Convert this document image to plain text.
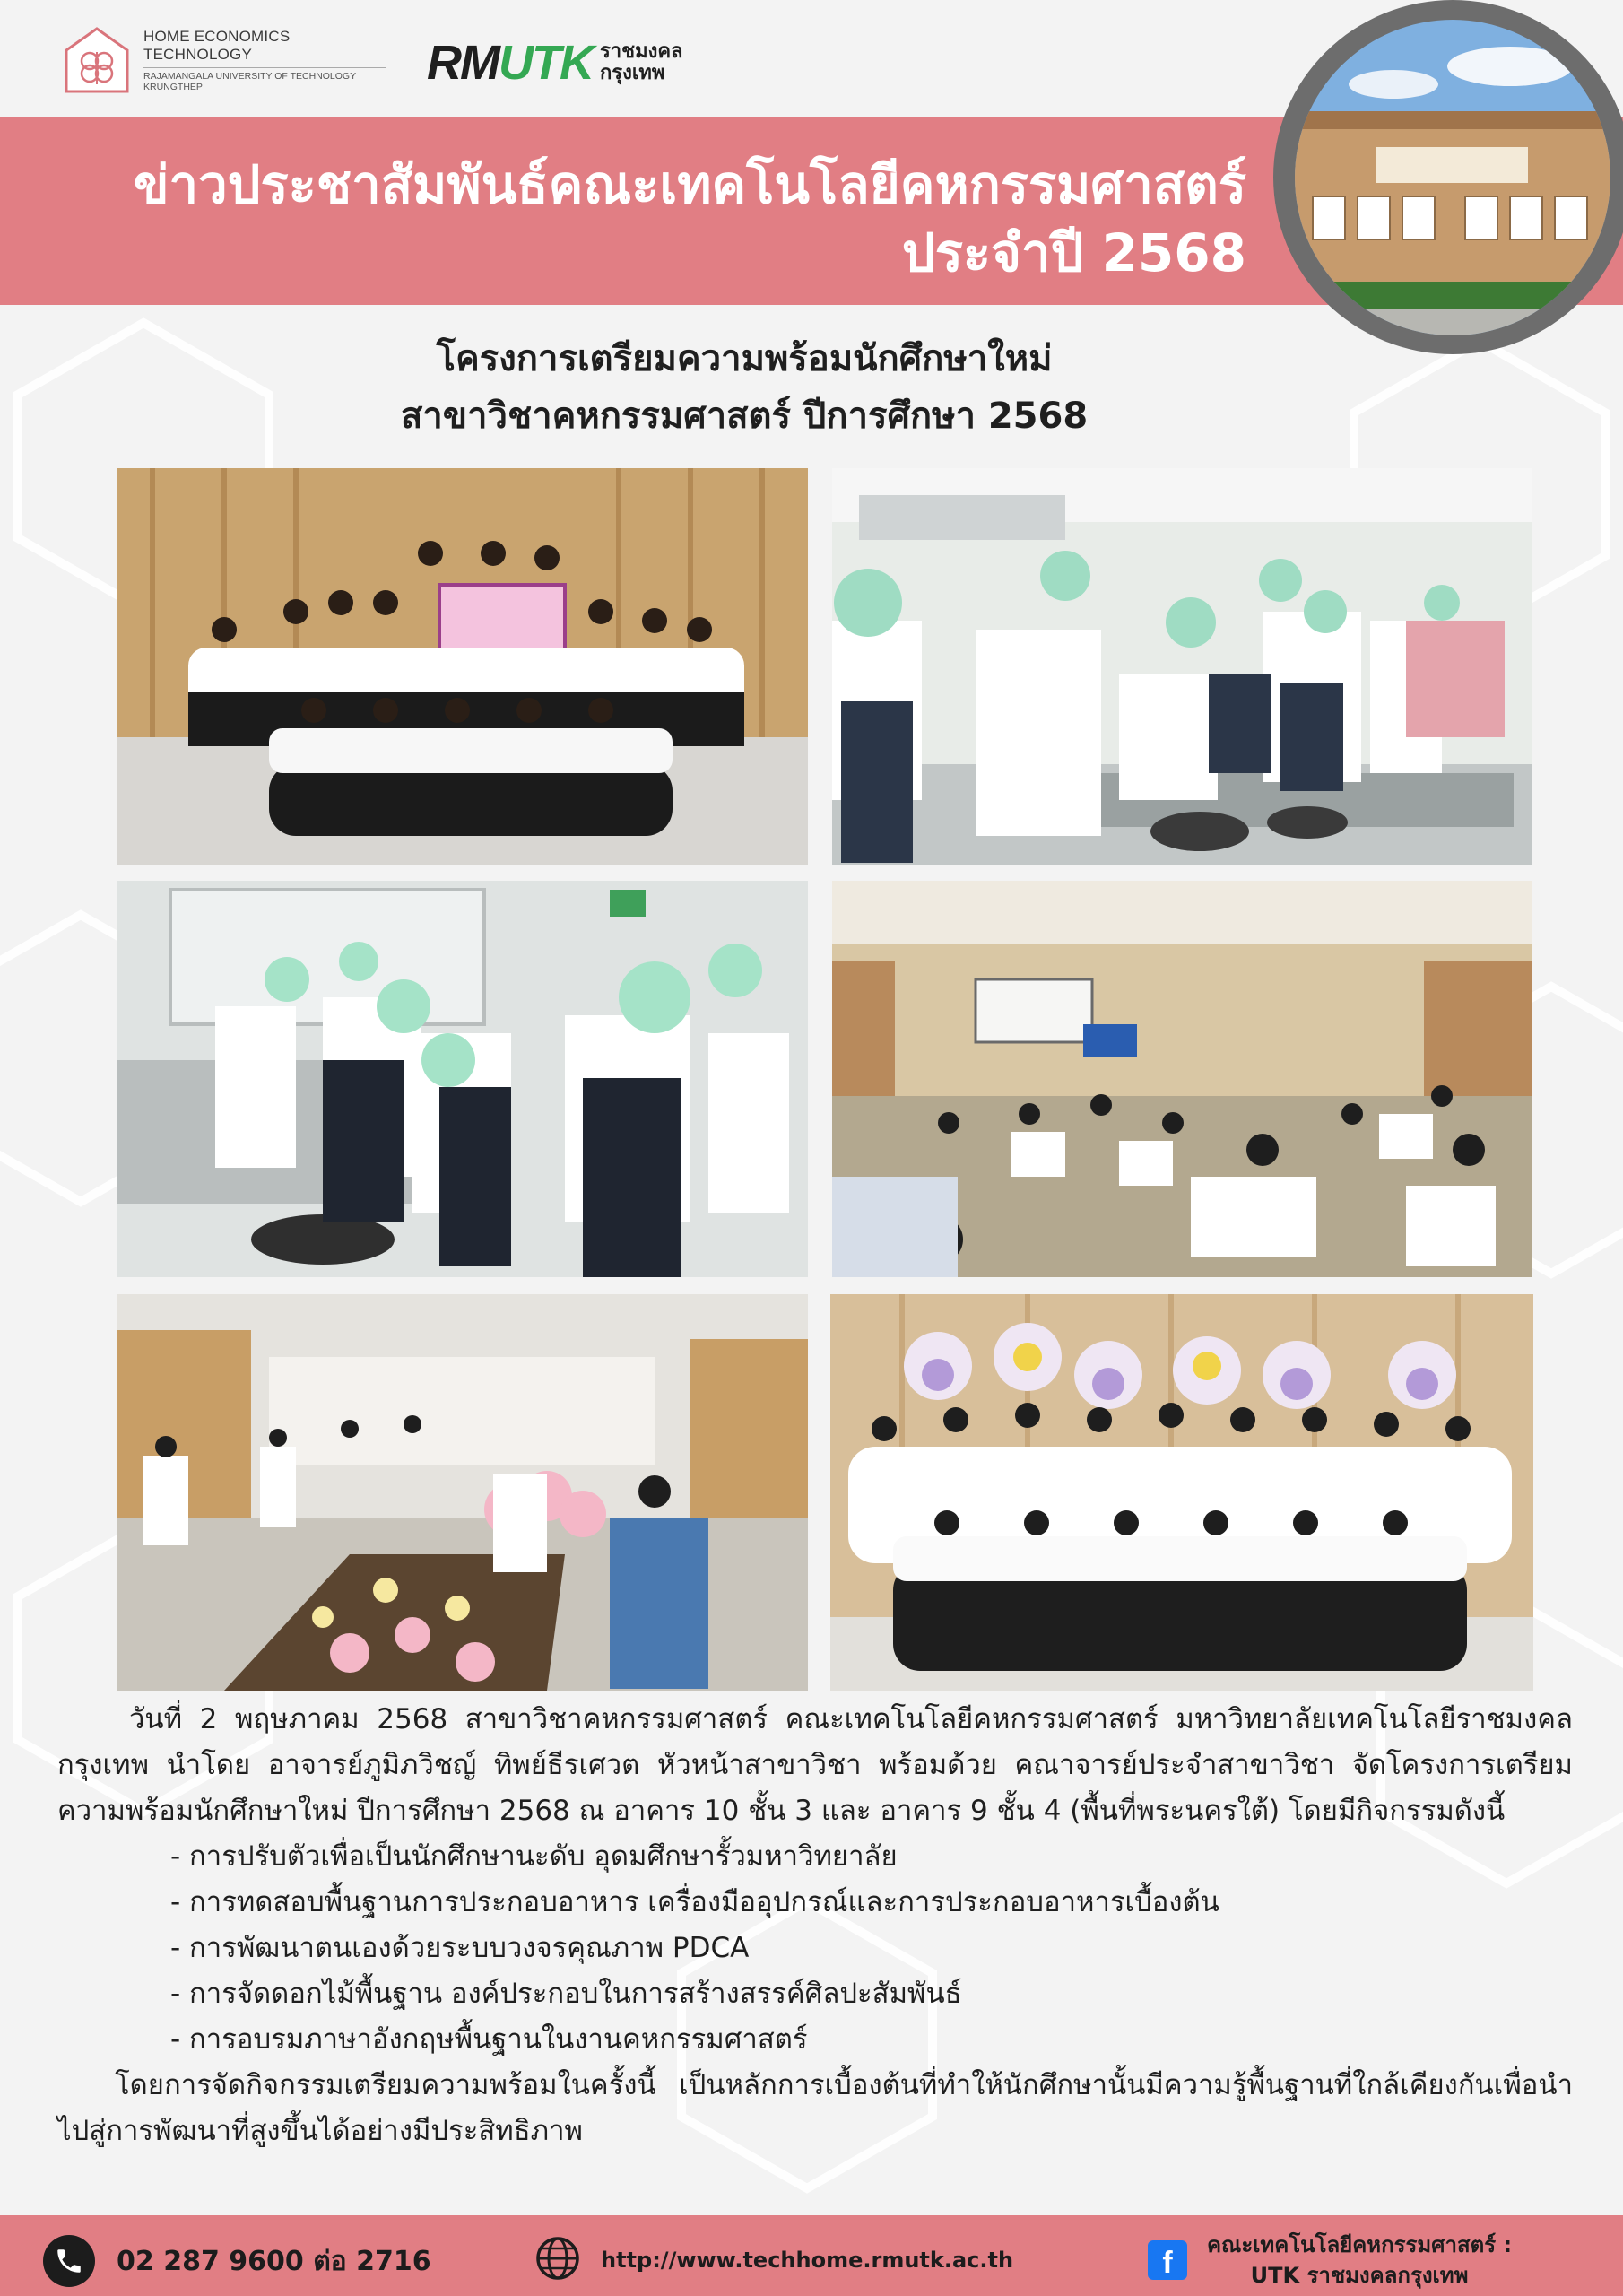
HOME ECONOMICS TECHNOLOGY
RAJAMANGALA UNIVERSITY OF TECHNOLOGY KRUNGTHEP	RMUTK ราชมงคล
กรุงเทพ
ข่าวประชาสัมพันธ์คณะเทคโนโลยีคหกรรมศาสตร์
ประจำปี 2568
โครงการเตรียมความพร้อมนักศึกษาใหม่
สาขาวิชาคหกรรมศาสตร์ ปีการศึกษา 2568

วันที่ 2 พฤษภาคม 2568 สาขาวิชาคหกรรมศาสตร์ คณะเทคโนโลยีคหกรรมศาสตร์ มหาวิทยาลัยเทคโนโลยีราชมงคลกรุงเทพ นำโดย อาจารย์ภูมิภวิชญ์ ทิพย์ธีรเศวต หัวหน้าสาขาวิชา พร้อมด้วย คณาจารย์ประจำสาขาวิชา จัดโครงการเตรียมความพร้อมนักศึกษาใหม่ ปีการศึกษา 2568 ณ อาคาร 10 ชั้น 3 และ อาคาร 9 ชั้น 4 (พื้นที่พระนครใต้) โดยมีกิจกรรมดังนี้

- การปรับตัวเพื่อเป็นนักศึกษานะดับ อุดมศึกษารั้วมหาวิทยาลัย
- การทดสอบพื้นฐานการประกอบอาหาร เครื่องมืออุปกรณ์และการประกอบอาหารเบื้องต้น
- การพัฒนาตนเองด้วยระบบวงจรคุณภาพ PDCA
- การจัดดอกไม้พื้นฐาน องค์ประกอบในการสร้างสรรค์ศิลปะสัมพันธ์
- การอบรมภาษาอังกฤษพื้นฐานในงานคหกรรมศาสตร์

โดยการจัดกิจกรรมเตรียมความพร้อมในครั้งนี้ เป็นหลักการเบื้องต้นที่ทำให้นักศึกษานั้นมีความรู้พื้นฐานที่ใกล้เคียงกันเพื่อนำไปสู่การพัฒนาที่สูงขึ้นได้อย่างมีประสิทธิภาพ

02 287 9600 ต่อ 2716	http://www.techhome.rmutk.ac.th	f
คณะเทคโนโลยีคหกรรมศาสตร์ :
UTK ราชมงคลกรุงเทพ
